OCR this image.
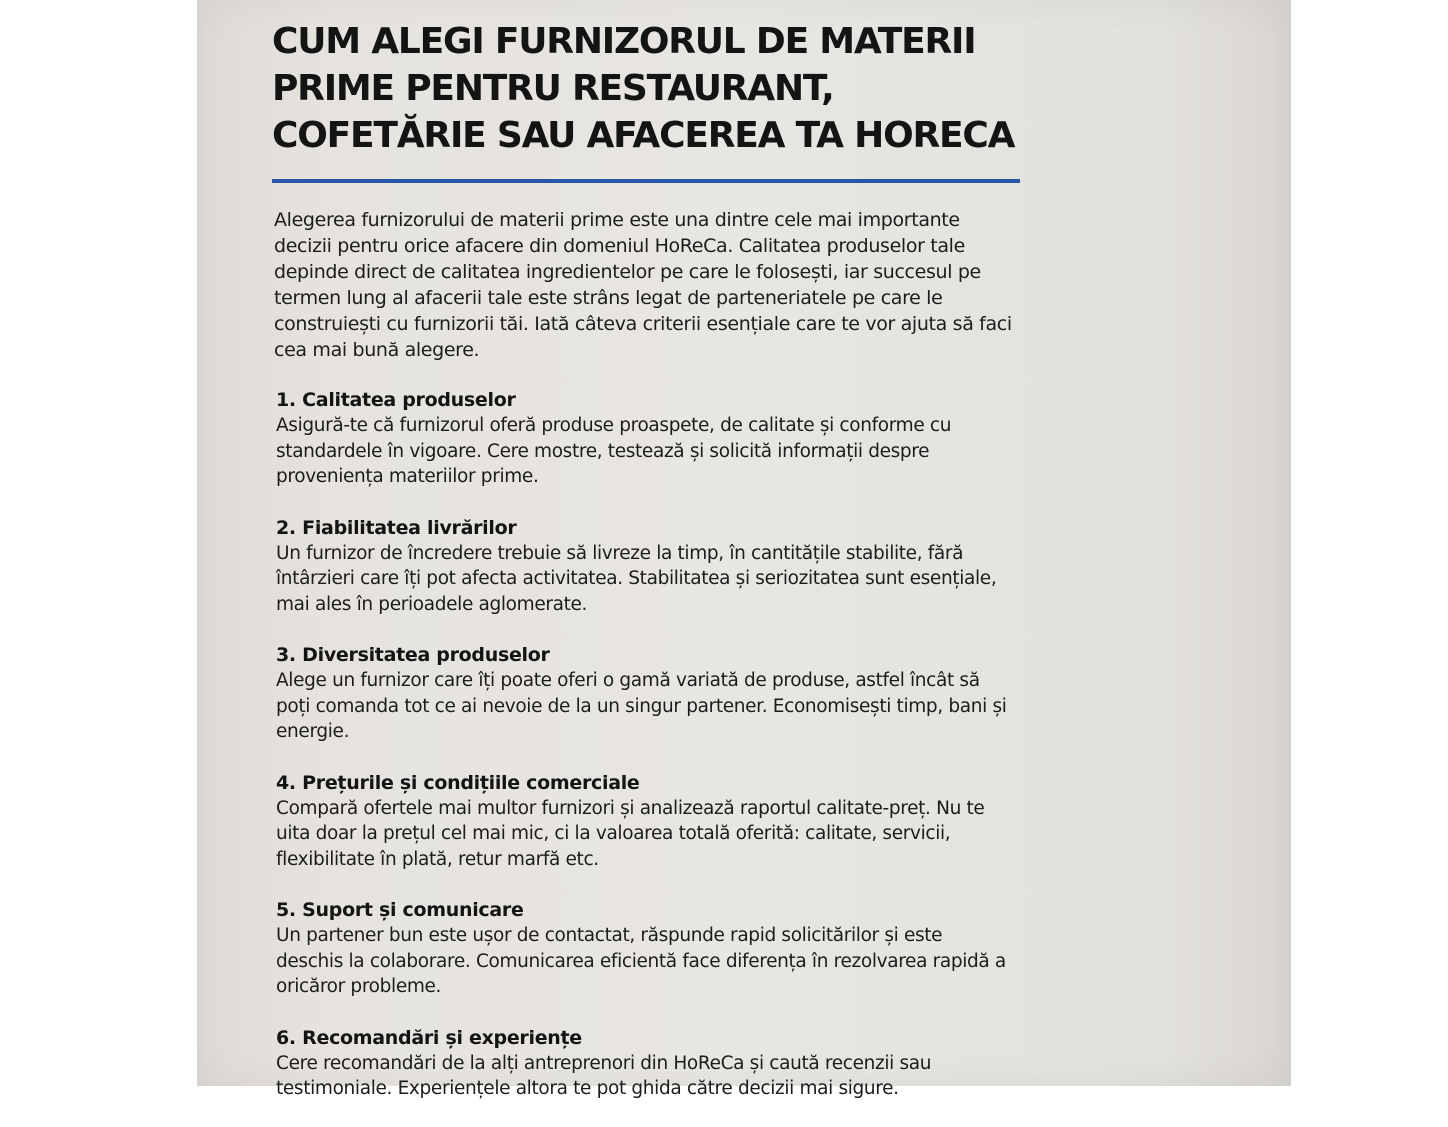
CUM ALEGI FURNIZORUL DE MATERII
PRIME PENTRU RESTAURANT,
COFETĂRIE SAU AFACEREA TA HORECA

Alegerea furnizorului de materii prime este una dintre cele mai importante decizii pentru orice afacere din domeniul HoReCa. Calitatea produselor tale depinde direct de calitatea ingredientelor pe care le folosești, iar succesul pe termen lung al afacerii tale este strâns legat de parteneriatele pe care le construiești cu furnizorii tăi. Iată câteva criterii esențiale care te vor ajuta să faci cea mai bună alegere.

1. Calitatea produselor
Asigură-te că furnizorul oferă produse proaspete, de calitate și conforme cu standardele în vigoare. Cere mostre, testează și solicită informații despre proveniența materiilor prime.
2. Fiabilitatea livrărilor
Un furnizor de încredere trebuie să livreze la timp, în cantitățile stabilite, fără întârzieri care îți pot afecta activitatea. Stabilitatea și seriozitatea sunt esențiale, mai ales în perioadele aglomerate.
3. Diversitatea produselor
Alege un furnizor care îți poate oferi o gamă variată de produse, astfel încât să poți comanda tot ce ai nevoie de la un singur partener. Economisești timp, bani și energie.
4. Prețurile și condițiile comerciale
Compară ofertele mai multor furnizori și analizează raportul calitate-preț. Nu te uita doar la prețul cel mai mic, ci la valoarea totală oferită: calitate, servicii, flexibilitate în plată, retur marfă etc.
5. Suport și comunicare
Un partener bun este ușor de contactat, răspunde rapid solicitărilor și este deschis la colaborare. Comunicarea eficientă face diferența în rezolvarea rapidă a oricăror probleme.
6. Recomandări și experiențe
Cere recomandări de la alți antreprenori din HoReCa și caută recenzii sau testimoniale. Experiențele altora te pot ghida către decizii mai sigure.
